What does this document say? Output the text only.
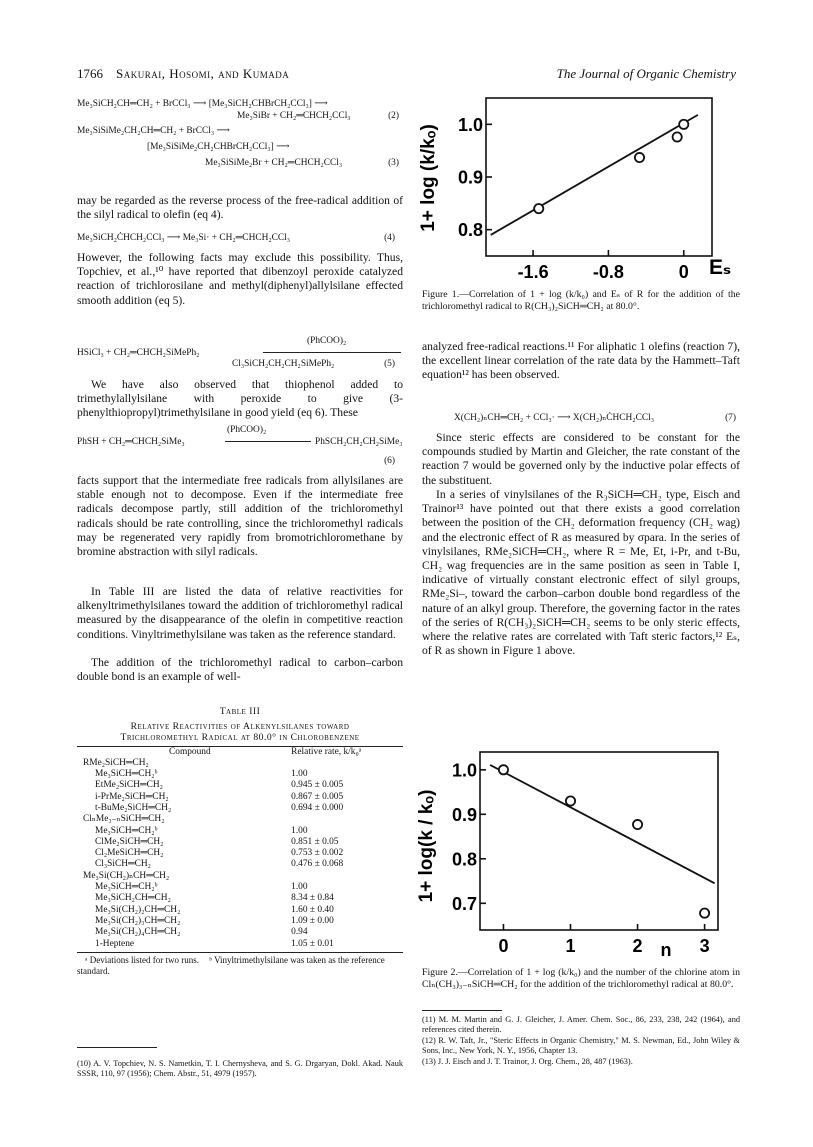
1766 Sakurai, Hosomi, and Kumada	The Journal of Organic Chemistry
Me₃SiCH₂CH═CH₂ + BrCCl₃ ⟶ [Me₃SiCH₂CHBrCH₂CCl₃] ⟶
Me₃SiBr + CH₂═CHCH₂CCl₃	(2)
Me₃SiSiMe₂CH₂CH═CH₂ + BrCCl₃ ⟶
[Me₃SiSiMe₂CH₂CHBrCH₂CCl₃] ⟶
Me₃SiSiMe₂Br + CH₂═CHCH₂CCl₃	(3)
may be regarded as the reverse process of the free-radical addition of the silyl radical to olefin (eq 4).
Me₃SiCH₂ĊHCH₂CCl₃ ⟶ Me₃Si· + CH₂═CHCH₂CCl₃	(4)
However, the following facts may exclude this possibility. Thus, Topchiev, et al.,¹⁰ have reported that dibenzoyl peroxide catalyzed reaction of trichlorosilane and methyl(diphenyl)allylsilane effected smooth addition (eq 5).
(PhCOO)₂
HSiCl₃ + CH₂═CHCH₂SiMePh₂
Cl₃SiCH₂CH₂CH₂SiMePh₂	(5)
We have also observed that thiophenol added to trimethylallylsilane with peroxide to give (3-phenylthiopropyl)trimethylsilane in good yield (eq 6). These
(PhCOO)₂
PhSH + CH₂═CHCH₂SiMe₃	PhSCH₂CH₂CH₂SiMe₃
(6)
facts support that the intermediate free radicals from allylsilanes are stable enough not to decompose. Even if the intermediate free radicals decompose partly, still addition of the trichloromethyl radicals should be rate controlling, since the trichloromethyl radicals may be regenerated very rapidly from bromotrichloromethane by bromine abstraction with silyl radicals.
In Table III are listed the data of relative reactivities for alkenyltrimethylsilanes toward the addition of trichloromethyl radical measured by the disappearance of the olefin in competitive reaction conditions. Vinyltrimethylsilane was taken as the reference standard.
The addition of the trichloromethyl radical to carbon–carbon double bond is an example of well-
Table III
Relative Reactivities of Alkenylsilanes toward
Trichloromethyl Radical at 80.0° in Chlorobenzene
Compound	Relative rate, k/k₀ᵃ
RMe₂SiCH═CH₂	
Me₃SiCH═CH₂ᵇ	1.00
EtMe₂SiCH═CH₂	0.945 ± 0.005
i-PrMe₂SiCH═CH₂	0.867 ± 0.005
t-BuMe₂SiCH═CH₂	0.694 ± 0.000
ClₙMe₃₋ₙSiCH═CH₂	
Me₃SiCH═CH₂ᵇ	1.00
ClMe₂SiCH═CH₂	0.851 ± 0.05
Cl₂MeSiCH═CH₂	0.753 ± 0.002
Cl₃SiCH═CH₂	0.476 ± 0.068
Me₃Si(CH₂)ₙCH═CH₂	
Me₃SiCH═CH₂ᵇ	1.00
Me₃SiCH₂CH═CH₂	8.34 ± 0.84
Me₃Si(CH₂)₂CH═CH₂	1.60 ± 0.40
Me₃Si(CH₂)₃CH═CH₂	1.09 ± 0.00
Me₃Si(CH₂)₄CH═CH₂	0.94
1-Heptene	1.05 ± 0.01
ᵃ Deviations listed for two runs. ᵇ Vinyltrimethylsilane was taken as the reference standard.
(10) A. V. Topchiev, N. S. Nametkin, T. I. Chernysheva, and S. G. Drgaryan, Dokl. Akad. Nauk SSSR, 110, 97 (1956); Chem. Abstr., 51, 4979 (1957).
1+ log (k/kₒ)
-1.6 -0.8	0
1.0
0.9
0.8
Eₛ
Figure 1.—Correlation of 1 + log (k/k₀) and Eₛ of R for the addition of the trichloromethyl radical to R(CH₃)₂SiCH═CH₂ at 80.0°.
analyzed free-radical reactions.¹¹ For aliphatic 1 olefins (reaction 7), the excellent linear correlation of the rate data by the Hammett–Taft equation¹² has been observed.
X(CH₂)ₙCH═CH₂ + CCl₃· ⟶ X(CH₂)ₙĊHCH₂CCl₃	(7)
Since steric effects are considered to be constant for the compounds studied by Martin and Gleicher, the rate constant of the reaction 7 would be governed only by the inductive polar effects of the substituent.
In a series of vinylsilanes of the R₃SiCH═CH₂ type, Eisch and Trainor¹³ have pointed out that there exists a good correlation between the position of the CH₂ deformation frequency (CH₂ wag) and the electronic effect of R as measured by σpara. In the series of vinylsilanes, RMe₂SiCH═CH₂, where R = Me, Et, i-Pr, and t-Bu, CH₂ wag frequencies are in the same position as seen in Table I, indicative of virtually constant electronic effect of silyl groups, RMe₂Si–, toward the carbon–carbon double bond regardless of the nature of an alkyl group. Therefore, the governing factor in the rates of the series of R(CH₃)₂SiCH═CH₂ seems to be only steric effects, where the relative rates are correlated with Taft steric factors,¹² Eₛ, of R as shown in Figure 1 above.
1+ log(k / kₒ)
0	1	2	3
1.0
0.9
0.8
0.7
n
Figure 2.—Correlation of 1 + log (k/k₀) and the number of the chlorine atom in Clₙ(CH₃)₃₋ₙSiCH═CH₂ for the addition of the trichloromethyl radical at 80.0°.
(11) M. M. Martin and G. J. Gleicher, J. Amer. Chem. Soc., 86, 233, 238, 242 (1964), and references cited therein.
(12) R. W. Taft, Jr., "Steric Effects in Organic Chemistry," M. S. Newman, Ed., John Wiley & Sons, Inc., New York, N. Y., 1956, Chapter 13.
(13) J. J. Eisch and J. T. Trainor, J. Org. Chem., 28, 487 (1963).
